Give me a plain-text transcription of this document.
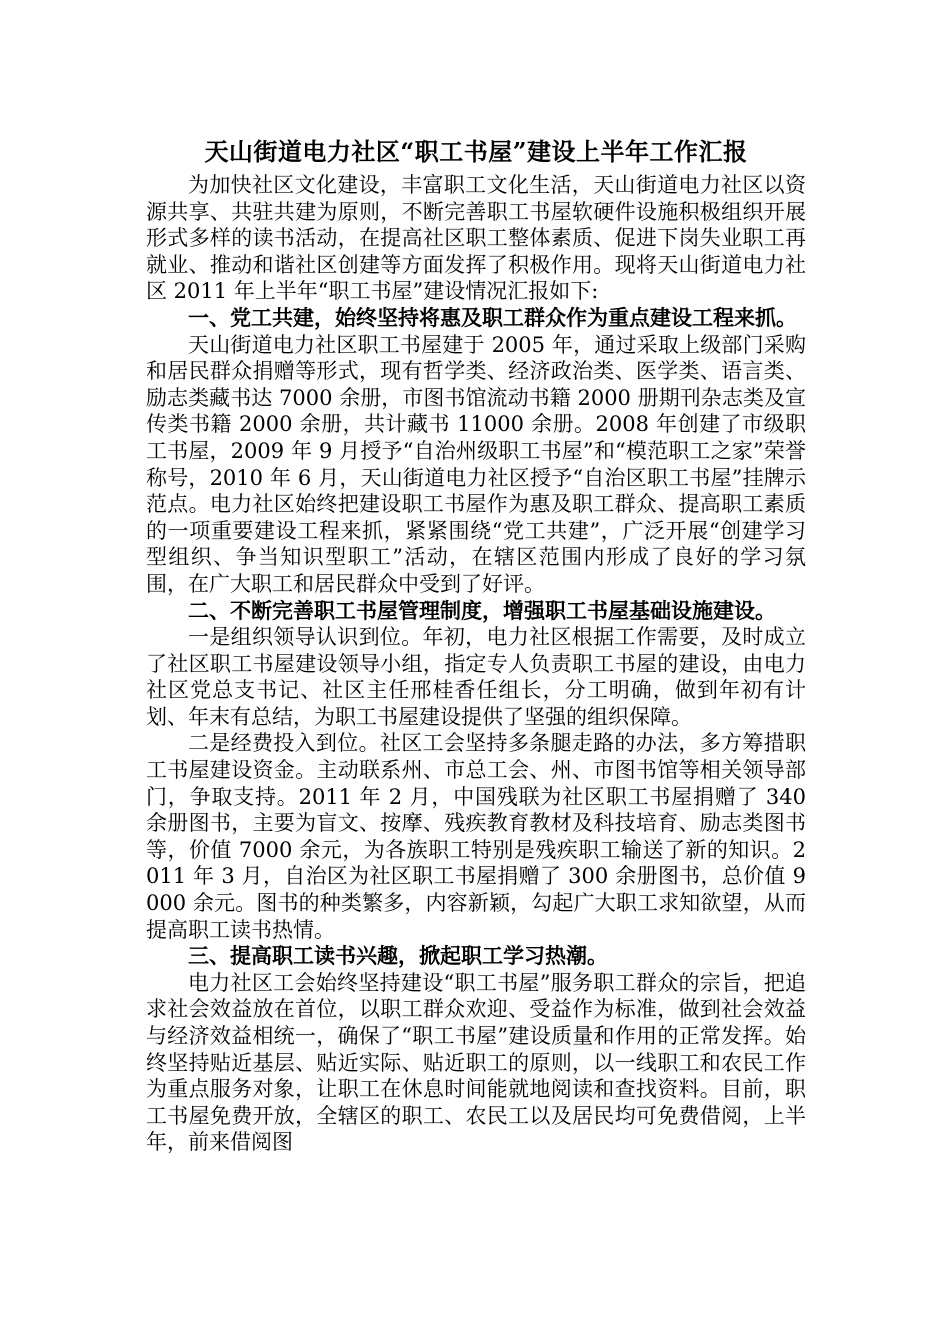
天山街道电力社区“职工书屋”建设上半年工作汇报

为加快社区文化建设，丰富职工文化生活，天山街道电力社区以资源共享、共驻共建为原则，不断完善职工书屋软硬件设施积极组织开展形式多样的读书活动，在提高社区职工整体素质、促进下岗失业职工再就业、推动和谐社区创建等方面发挥了积极作用。现将天山街道电力社区 2011 年上半年“职工书屋”建设情况汇报如下:

一、党工共建，始终坚持将惠及职工群众作为重点建设工程来抓。

天山街道电力社区职工书屋建于 2005 年，通过采取上级部门采购和居民群众捐赠等形式，现有哲学类、经济政治类、医学类、语言类、励志类藏书达 7000 余册，市图书馆流动书籍 2000 册期刊杂志类及宣传类书籍 2000 余册，共计藏书 11000 余册。2008 年创建了市级职工书屋，2009 年 9 月授予“自治州级职工书屋”和“模范职工之家”荣誉称号，2010 年 6 月，天山街道电力社区授予“自治区职工书屋”挂牌示范点。电力社区始终把建设职工书屋作为惠及职工群众、提高职工素质的一项重要建设工程来抓，紧紧围绕“党工共建”，广泛开展“创建学习型组织、争当知识型职工”活动，在辖区范围内形成了良好的学习氛围，在广大职工和居民群众中受到了好评。

二、不断完善职工书屋管理制度，增强职工书屋基础设施建设。

一是组织领导认识到位。年初，电力社区根据工作需要，及时成立了社区职工书屋建设领导小组，指定专人负责职工书屋的建设，由电力社区党总支书记、社区主任邢桂香任组长，分工明确，做到年初有计划、年末有总结，为职工书屋建设提供了坚强的组织保障。

二是经费投入到位。社区工会坚持多条腿走路的办法，多方筹措职工书屋建设资金。主动联系州、市总工会、州、市图书馆等相关领导部门，争取支持。2011 年 2 月，中国残联为社区职工书屋捐赠了 340 余册图书，主要为盲文、按摩、残疾教育教材及科技培育、励志类图书等，价值 7000 余元，为各族职工特别是残疾职工输送了新的知识。2011 年 3 月，自治区为社区职工书屋捐赠了 300 余册图书，总价值 9000 余元。图书的种类繁多，内容新颖，勾起广大职工求知欲望，从而提高职工读书热情。

三、提高职工读书兴趣，掀起职工学习热潮。

电力社区工会始终坚持建设“职工书屋”服务职工群众的宗旨，把追求社会效益放在首位，以职工群众欢迎、受益作为标准，做到社会效益与经济效益相统一，确保了“职工书屋”建设质量和作用的正常发挥。始终坚持贴近基层、贴近实际、贴近职工的原则，以一线职工和农民工作为重点服务对象，让职工在休息时间能就地阅读和查找资料。目前，职工书屋免费开放，全辖区的职工、农民工以及居民均可免费借阅，上半年，前来借阅图
